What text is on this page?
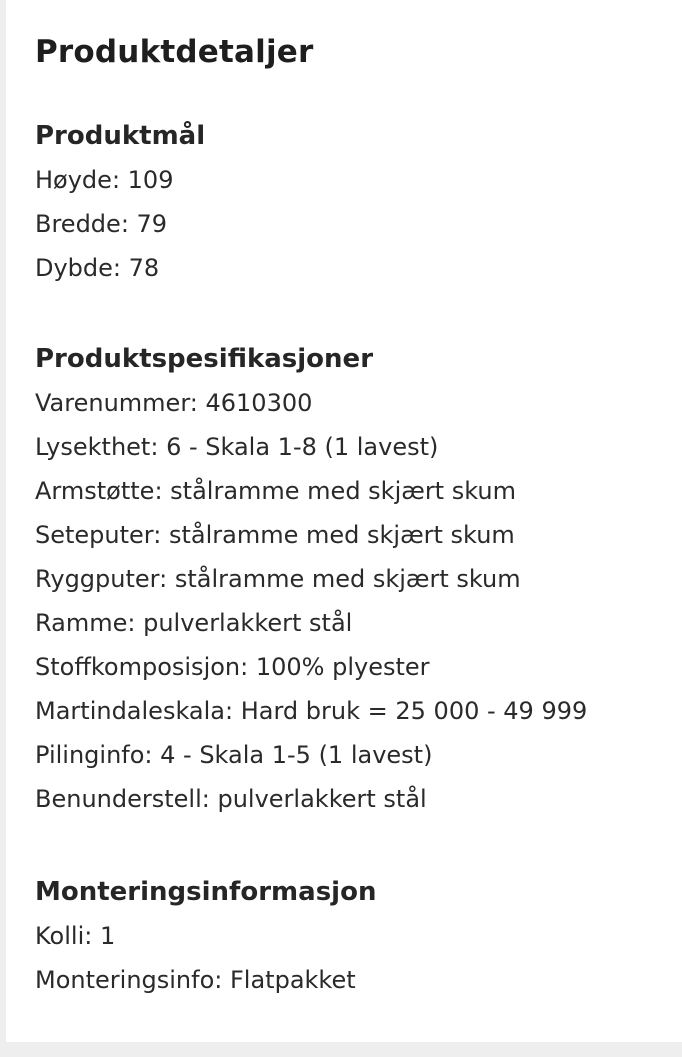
Produktdetaljer
Produktmål
Høyde: 109
Bredde: 79
Dybde: 78
Produktspesifikasjoner
Varenummer: 4610300
Lysekthet: 6 - Skala 1-8 (1 lavest)
Armstøtte: stålramme med skjært skum
Seteputer: stålramme med skjært skum
Ryggputer: stålramme med skjært skum
Ramme: pulverlakkert stål
Stoffkomposisjon: 100% plyester
Martindaleskala: Hard bruk = 25 000 - 49 999
Pilinginfo: 4 - Skala 1-5 (1 lavest)
Benunderstell: pulverlakkert stål
Monteringsinformasjon
Kolli: 1
Monteringsinfo: Flatpakket
